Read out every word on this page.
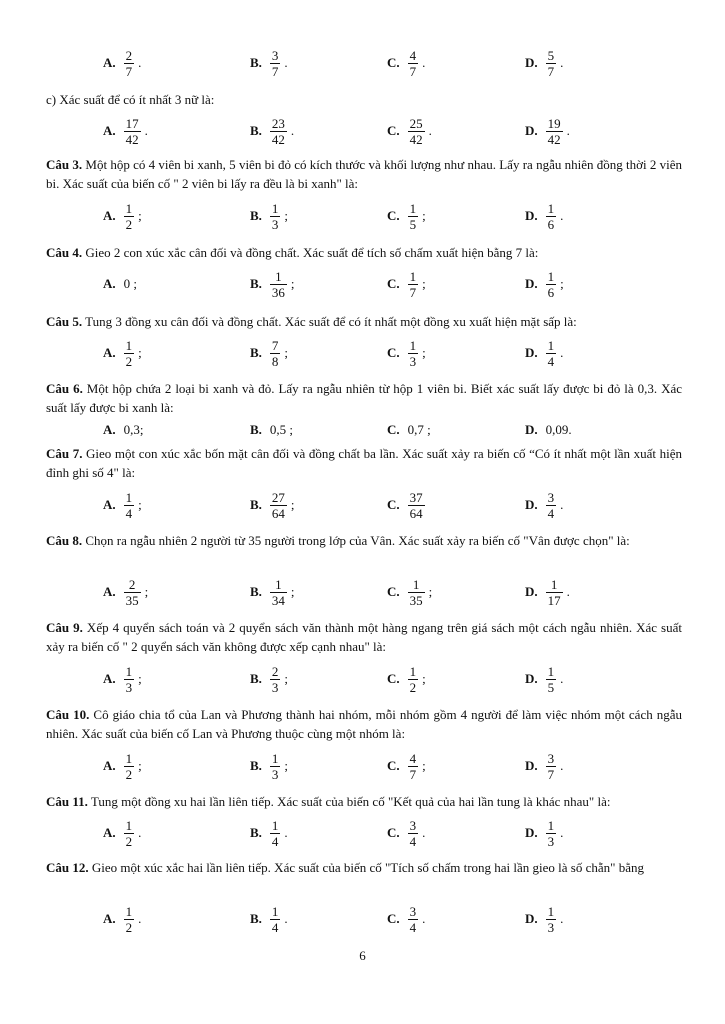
A. $\frac{2}{7}$ .	B. $\frac{3}{7}$ .	C. $\frac{4}{7}$ .	D. $\frac{5}{7}$ .
c) Xác suất để có ít nhất 3 nữ là:
A. $\frac{17}{42}$ .	B. $\frac{23}{42}$ .	C. $\frac{25}{42}$ .	D. $\frac{19}{42}$ .
Câu 3. Một hộp có 4 viên bi xanh, 5 viên bi đỏ có kích thước và khối lượng như nhau. Lấy ra ngẫu nhiên đồng thời 2 viên bi. Xác suất của biến cố " 2 viên bi lấy ra đều là bi xanh" là:
A. $\frac{1}{2}$ ;	B. $\frac{1}{3}$ ;	C. $\frac{1}{5}$ ;	D. $\frac{1}{6}$ .
Câu 4. Gieo 2 con xúc xắc cân đối và đồng chất. Xác suất để tích số chấm xuất hiện bằng 7 là:
A. 0 ;	B. $\frac{1}{36}$ ;	C. $\frac{1}{7}$ ;	D. $\frac{1}{6}$ ;
Câu 5. Tung 3 đồng xu cân đối và đồng chất. Xác suất để có ít nhất một đồng xu xuất hiện mặt sấp là:
A. $\frac{1}{2}$ ;	B. $\frac{7}{8}$ ;	C. $\frac{1}{3}$ ;	D. $\frac{1}{4}$ .
Câu 6. Một hộp chứa 2 loại bi xanh và đỏ. Lấy ra ngẫu nhiên từ hộp 1 viên bi. Biết xác suất lấy được bi đỏ là 0,3. Xác suất lấy được bi xanh là:
A. 0,3;	B. 0,5 ;	C. 0,7 ;	D. 0,09.
Câu 7. Gieo một con xúc xắc bốn mặt cân đối và đồng chất ba lần. Xác suất xảy ra biến cố “Có ít nhất một lần xuất hiện đỉnh ghi số 4" là:
A. $\frac{1}{4}$ ;	B. $\frac{27}{64}$ ;	C. $\frac{37}{64}$	D. $\frac{3}{4}$ .
Câu 8. Chọn ra ngẫu nhiên 2 người từ 35 người trong lớp của Vân. Xác suất xảy ra biến cố "Vân được chọn" là:
A. $\frac{2}{35}$ ;	B. $\frac{1}{34}$ ;	C. $\frac{1}{35}$ ;	D. $\frac{1}{17}$ .
Câu 9. Xếp 4 quyển sách toán và 2 quyển sách văn thành một hàng ngang trên giá sách một cách ngẫu nhiên. Xác suất xảy ra biến cố " 2 quyển sách văn không được xếp cạnh nhau" là:
A. $\frac{1}{3}$ ;	B. $\frac{2}{3}$ ;	C. $\frac{1}{2}$ ;	D. $\frac{1}{5}$ .
Câu 10. Cô giáo chia tổ của Lan và Phương thành hai nhóm, mỗi nhóm gồm 4 người để làm việc nhóm một cách ngẫu nhiên. Xác suất của biến cố Lan và Phương thuộc cùng một nhóm là:
A. $\frac{1}{2}$ ;	B. $\frac{1}{3}$ ;	C. $\frac{4}{7}$ ;	D. $\frac{3}{7}$ .
Câu 11. Tung một đồng xu hai lần liên tiếp. Xác suất của biến cố "Kết quả của hai lần tung là khác nhau" là:
A. $\frac{1}{2}$ .	B. $\frac{1}{4}$ .	C. $\frac{3}{4}$ .	D. $\frac{1}{3}$ .
Câu 12. Gieo một xúc xắc hai lần liên tiếp. Xác suất của biến cố "Tích số chấm trong hai lần gieo là số chẵn" bằng
A. $\frac{1}{2}$ .	B. $\frac{1}{4}$ .	C. $\frac{3}{4}$ .	D. $\frac{1}{3}$ .
6
